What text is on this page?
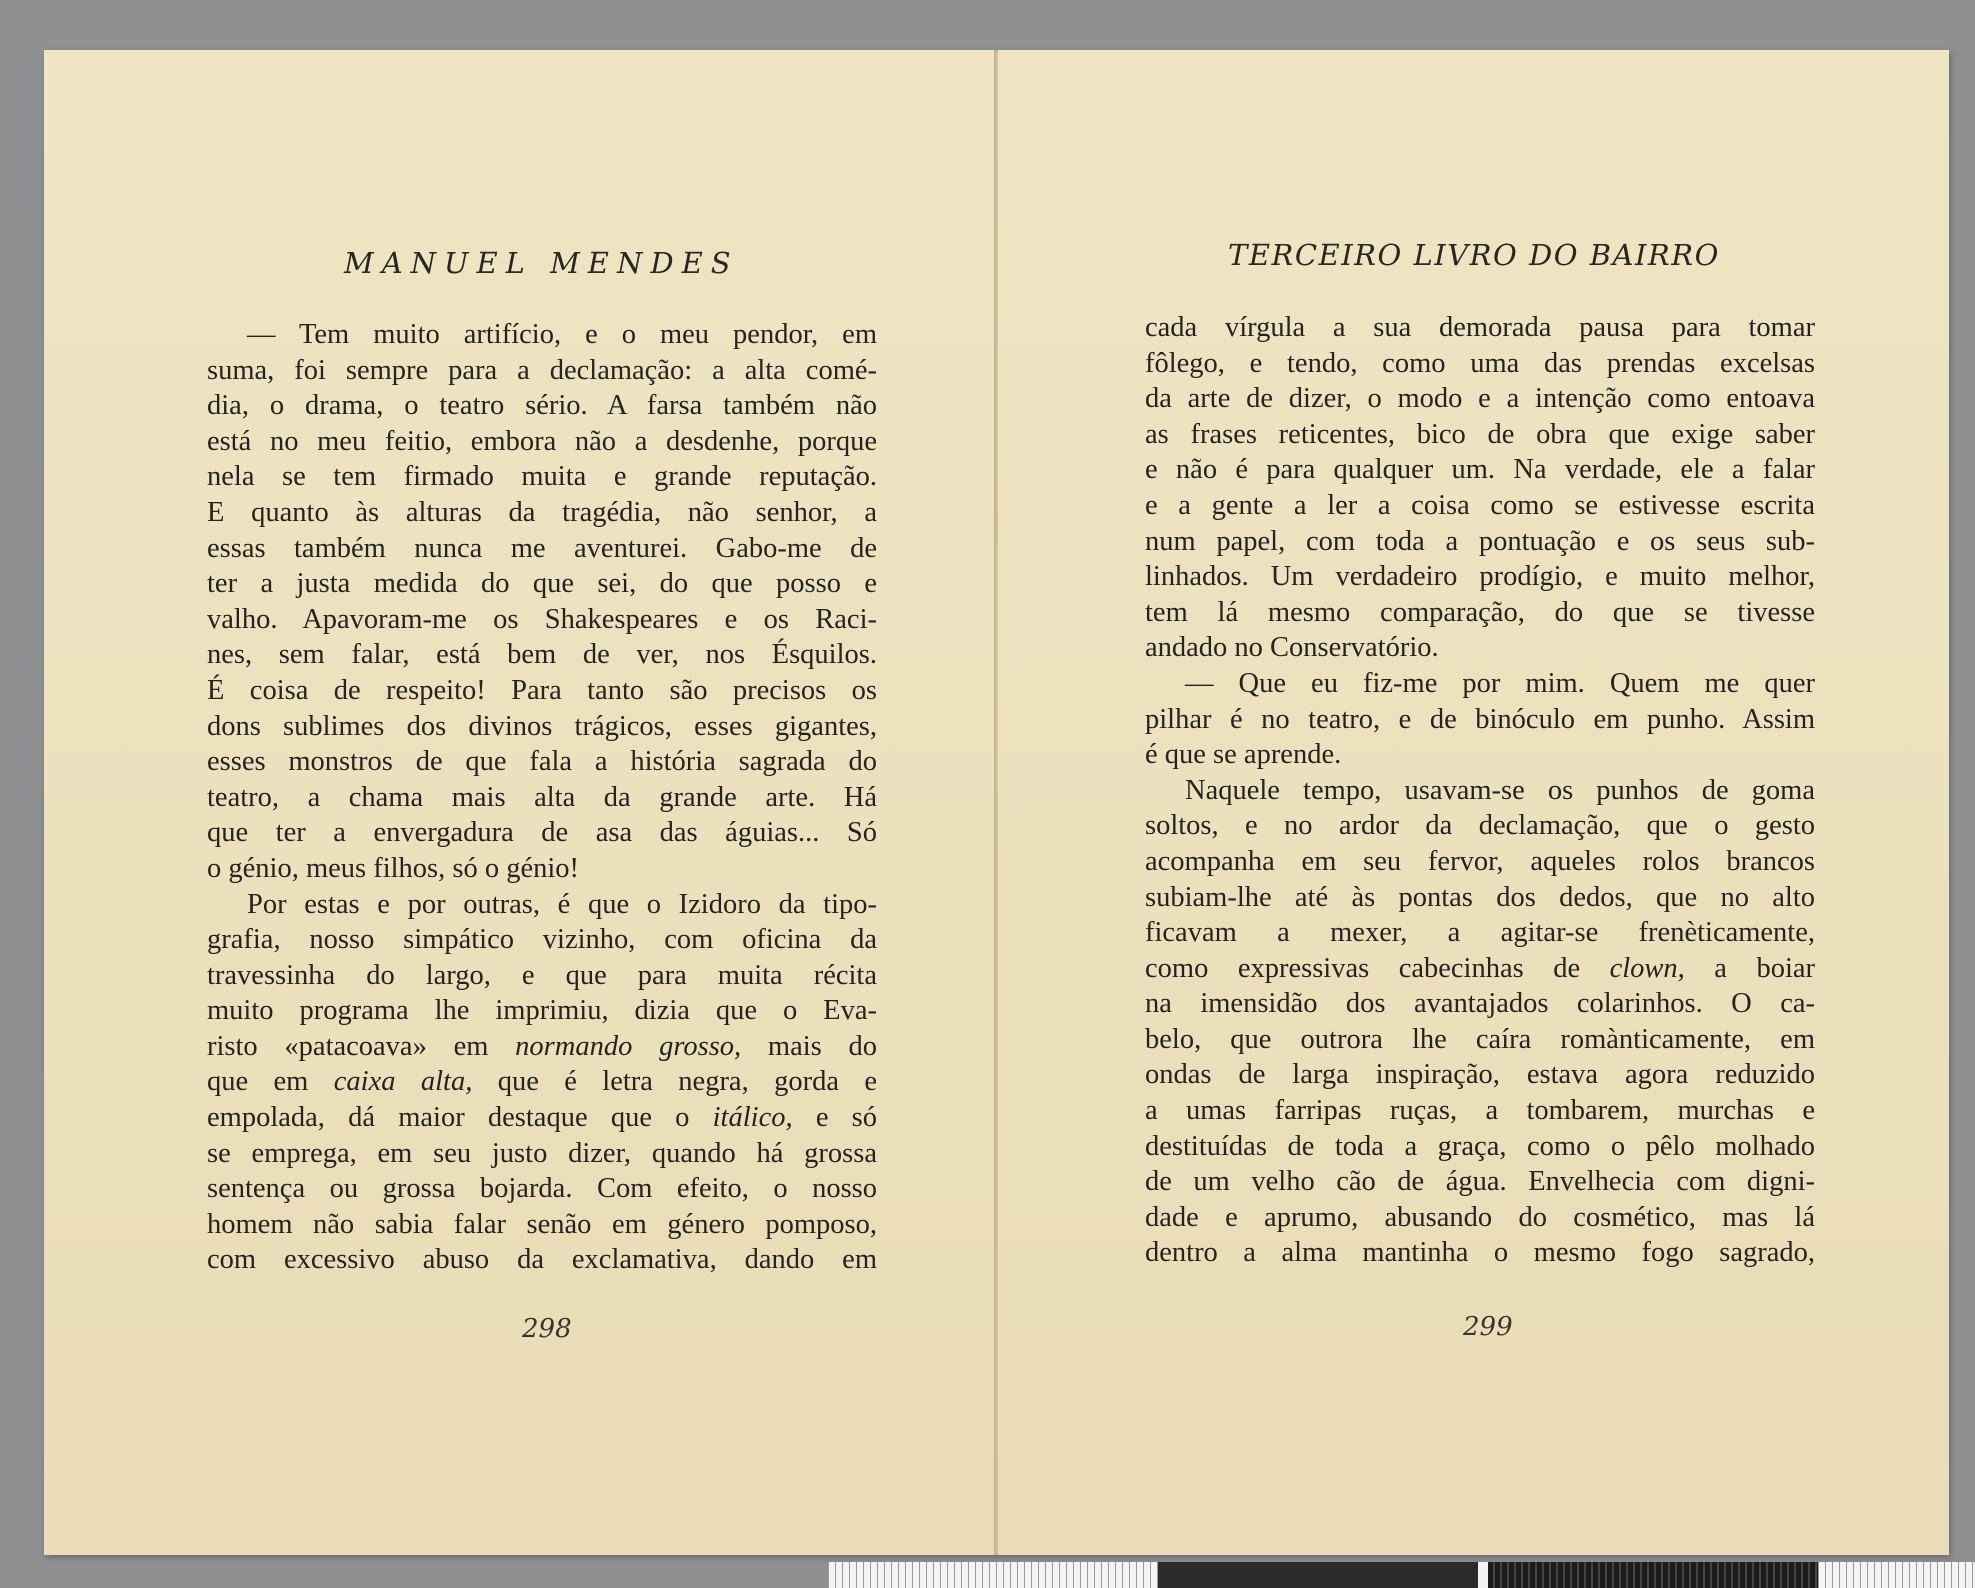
MANUEL MENDES
— Tem muito artifício, e o meu pendor, em
suma, foi sempre para a declamação: a alta comé-
dia, o drama, o teatro sério. A farsa também não
está no meu feitio, embora não a desdenhe, porque
nela se tem firmado muita e grande reputação.
E quanto às alturas da tragédia, não senhor, a
essas também nunca me aventurei. Gabo-me de
ter a justa medida do que sei, do que posso e
valho. Apavoram-me os Shakespeares e os Raci-
nes, sem falar, está bem de ver, nos Ésquilos.
É coisa de respeito! Para tanto são precisos os
dons sublimes dos divinos trágicos, esses gigantes,
esses monstros de que fala a história sagrada do
teatro, a chama mais alta da grande arte. Há
que ter a envergadura de asa das águias... Só
o génio, meus filhos, só o génio!
Por estas e por outras, é que o Izidoro da tipo-
grafia, nosso simpático vizinho, com oficina da
travessinha do largo, e que para muita récita
muito programa lhe imprimiu, dizia que o Eva-
risto «patacoava» em normando grosso, mais do
que em caixa alta, que é letra negra, gorda e
empolada, dá maior destaque que o itálico, e só
se emprega, em seu justo dizer, quando há grossa
sentença ou grossa bojarda. Com efeito, o nosso
homem não sabia falar senão em género pomposo,
com excessivo abuso da exclamativa, dando em
298
TERCEIRO LIVRO DO BAIRRO
cada vírgula a sua demorada pausa para tomar
fôlego, e tendo, como uma das prendas excelsas
da arte de dizer, o modo e a intenção como entoava
as frases reticentes, bico de obra que exige saber
e não é para qualquer um. Na verdade, ele a falar
e a gente a ler a coisa como se estivesse escrita
num papel, com toda a pontuação e os seus sub-
linhados. Um verdadeiro prodígio, e muito melhor,
tem lá mesmo comparação, do que se tivesse
andado no Conservatório.
— Que eu fiz-me por mim. Quem me quer
pilhar é no teatro, e de binóculo em punho. Assim
é que se aprende.
Naquele tempo, usavam-se os punhos de goma
soltos, e no ardor da declamação, que o gesto
acompanha em seu fervor, aqueles rolos brancos
subiam-lhe até às pontas dos dedos, que no alto
ficavam a mexer, a agitar-se frenèticamente,
como expressivas cabecinhas de clown, a boiar
na imensidão dos avantajados colarinhos. O ca-
belo, que outrora lhe caíra romànticamente, em
ondas de larga inspiração, estava agora reduzido
a umas farripas ruças, a tombarem, murchas e
destituídas de toda a graça, como o pêlo molhado
de um velho cão de água. Envelhecia com digni-
dade e aprumo, abusando do cosmético, mas lá
dentro a alma mantinha o mesmo fogo sagrado,
299
